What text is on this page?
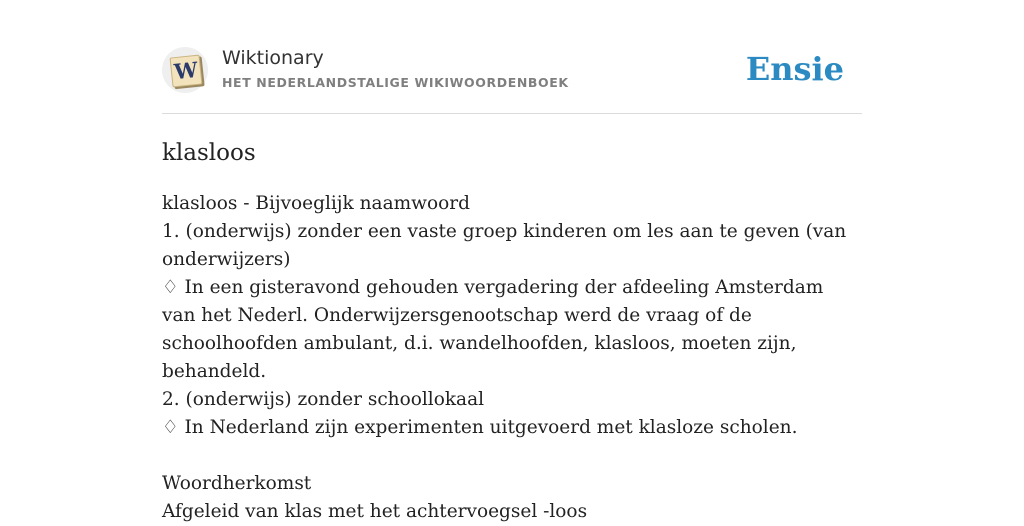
W Wiktionary
HET NEDERLANDSTALIGE WIKIWOORDENBOEK	Ensie
klasloos

klasloos - Bijvoeglijk naamwoord

1. (onderwijs) zonder een vaste groep kinderen om les aan te geven (van onderwijzers)

♢ In een gisteravond gehouden vergadering der afdeeling Amsterdam van het Nederl. Onderwijzersgenootschap werd de vraag of de schoolhoofden ambulant, d.i. wandelhoofden, klasloos, moeten zijn, behandeld.

2. (onderwijs) zonder schoollokaal

♢ In Nederland zijn experimenten uitgevoerd met klasloze scholen.

Woordherkomst

Afgeleid van klas met het achtervoegsel -loos
